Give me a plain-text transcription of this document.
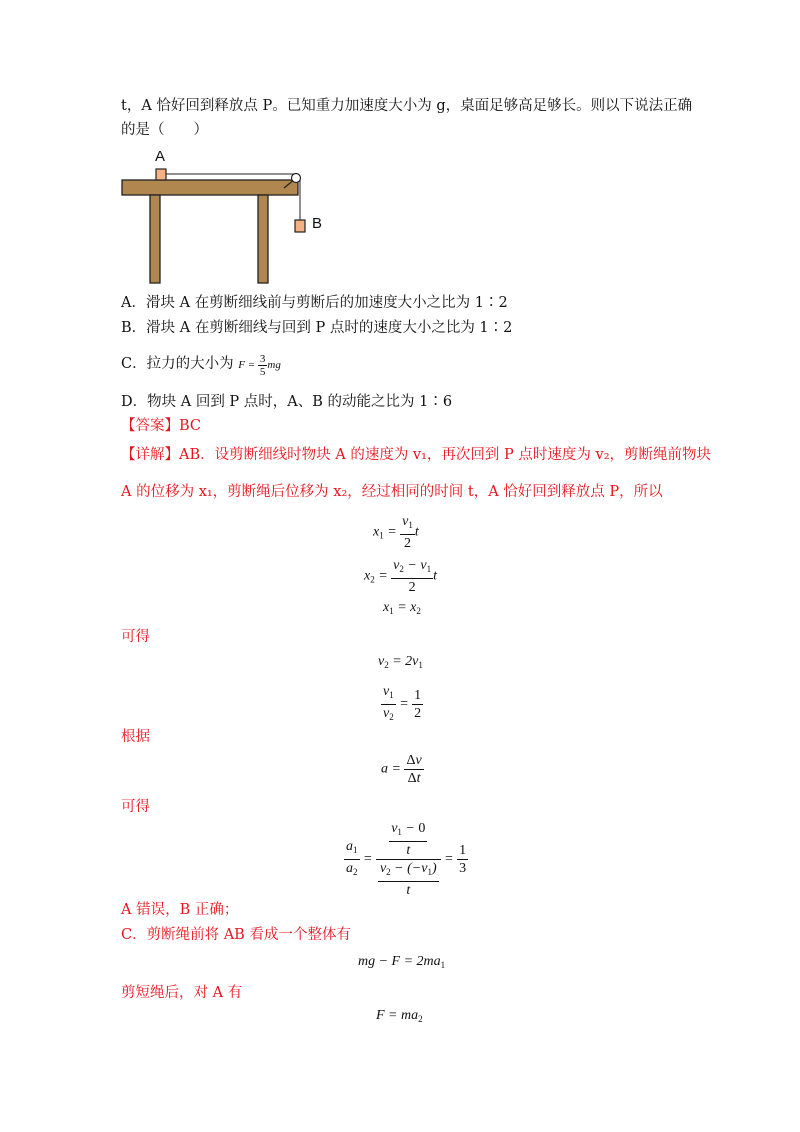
t，A 恰好回到释放点 P。已知重力加速度大小为 g，桌面足够高足够长。则以下说法正确
的是（　　）
A
B
A．滑块 A 在剪断细线前与剪断后的加速度大小之比为 1∶2
B．滑块 A 在剪断细线与回到 P 点时的速度大小之比为 1∶2
C．拉力的大小为 $F = \frac{3}{5}$ mg
D．物块 A 回到 P 点时，A、B 的动能之比为 1∶6
【答案】BC
【详解】AB．设剪断细线时物块 A 的速度为 v₁，再次回到 P 点时速度为 v₂，剪断绳前物块
A 的位移为 x₁，剪断绳后位移为 x₂，经过相同的时间 t，A 恰好回到释放点 P，所以
$x_1 = \frac{v_1}{2}$ t
$x_2 = \frac{v_2 - v_1}{2}$ t
$x_1 = x_2$
可得
$v_2 = 2v_1$
$\frac{v_1}{v_2} = \frac{1}{2}$
根据
$a = \frac{\Delta v}{\Delta t}$
可得
$\frac{a_1}{a_2} = \frac{\frac{v_1 - 0}{t}}{\frac{v_2 - (-v_1)}{t}} = \frac{1}{3}$
A 错误，B 正确；
C．剪断绳前将 AB 看成一个整体有
mg − $F = 2ma_1$
剪短绳后，对 A 有
$F = ma_2$
